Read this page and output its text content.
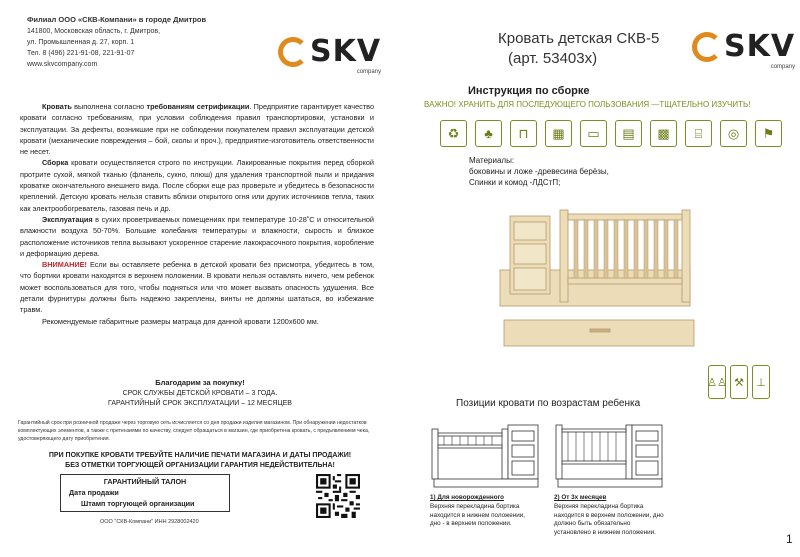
Филиал ООО «СКВ-Компани» в городе Дмитров
141800, Московская область, г. Дмитров,
ул. Промышленная д. 27, корп. 1
Тел. 8 (496) 221-91-08, 221-91-07
www.skvcompany.com	SKV
company

Кровать выполнена согласно требованиям сетрификации. Предприятие гарантирует качество кровати согласно требованиям, при условии соблюдения правил транспортировки, установки и эксплуатации. За дефекты, возникшие при не соблюдении покупателем правил эксплуатации детской кровати (механические повреждения – бой, сколы и проч.), предприятие-изготовитель ответственности не несет.

Сборка кровати осуществляется строго по инструкции. Лакированные покрытия перед сборкой протрите сухой, мягкой тканью (фланель, сукно, плюш) для удаления транспортной пыли и придания кроватке окончательного внешнего вида. После сборки еще раз проверьте и убедитесь в безопасности креплений. Детскую кровать нельзя ставить вблизи открытого огня или других источников тепла, таких как электрообогреватель, газовая печь и др.

Эксплуатация в сухих проветриваемых помещениях при температуре 10-28˚С и относительной влажности воздуха 50-70%. Большие колебания температуры и влажности, сырость и близкое расположение источников тепла вызывают ускоренное старение лакокрасочного покрытия, коробление и деформацию дерева.

ВНИМАНИЕ! Если вы оставляете ребенка в детской кровати без присмотра, убедитесь в том, что бортики кровати находятся в верхнем положении. В кровати нельзя оставлять ничего, чем ребенок может воспользоваться для того, чтобы подняться или что может вызвать опасность удушения. Все детали фурнитуры должны быть надежно закреплены, винты не должны шататься, во избежание травм.

Рекомендуемые габаритные размеры матраца для данной кровати 1200х600 мм.

Благодарим за покупку!
СРОК СЛУЖБЫ ДЕТСКОЙ КРОВАТИ – 3 ГОДА.
ГАРАНТИЙНЫЙ СРОК ЭКСПЛУАТАЦИИ – 12 МЕСЯЦЕВ
Гарантийный срок при розничной продаже через торговую сеть исчисляется со дня продажи изделия магазином. При обнаружении недостатков комплектующих элементов, а также с претензиями по качеству, следует обращаться в магазин, где приобретена кровать, с предъявлением чека, удостоверяющего дату приобретения.
ПРИ ПОКУПКЕ КРОВАТИ ТРЕБУЙТЕ НАЛИЧИЕ ПЕЧАТИ МАГАЗИНА И ДАТЫ ПРОДАЖИ!
БЕЗ ОТМЕТКИ ТОРГУЮЩЕЙ ОРГАНИЗАЦИИ ГАРАНТИЯ НЕДЕЙСТВИТЕЛЬНА!
ГАРАНТИЙНЫЙ ТАЛОН
Дата продажи
Штамп торгующей организации
ООО "СКВ-Компани" ИНН 2928002420
Кровать детская СКВ-5
(арт. 53403х)	SKV
company
Инструкция по сборке
ВАЖНО! ХРАНИТЬ ДЛЯ ПОСЛЕДУЮЩЕГО ПОЛЬЗОВАНИЯ —ТЩАТЕЛЬНО ИЗУЧИТЬ!
♻	♣	⊓	▦	▭	▤	▩	⌸	◎	⚑
Материалы:
боковины и ложе -древесина берёзы,
Спинки и комод -ЛДСтП;
♙♙ ⚒	⊥
Позиции кровати по возрастам ребенка
1) Для новорожденного
Верхняя перекладина бортика находится в нижнем положении, дно - в верхнем положении.
2) От 3х месяцев
Верхняя перекладина бортика находится в верхнем положении, дно должно быть обязательно установлено в нижнем положении.	1
